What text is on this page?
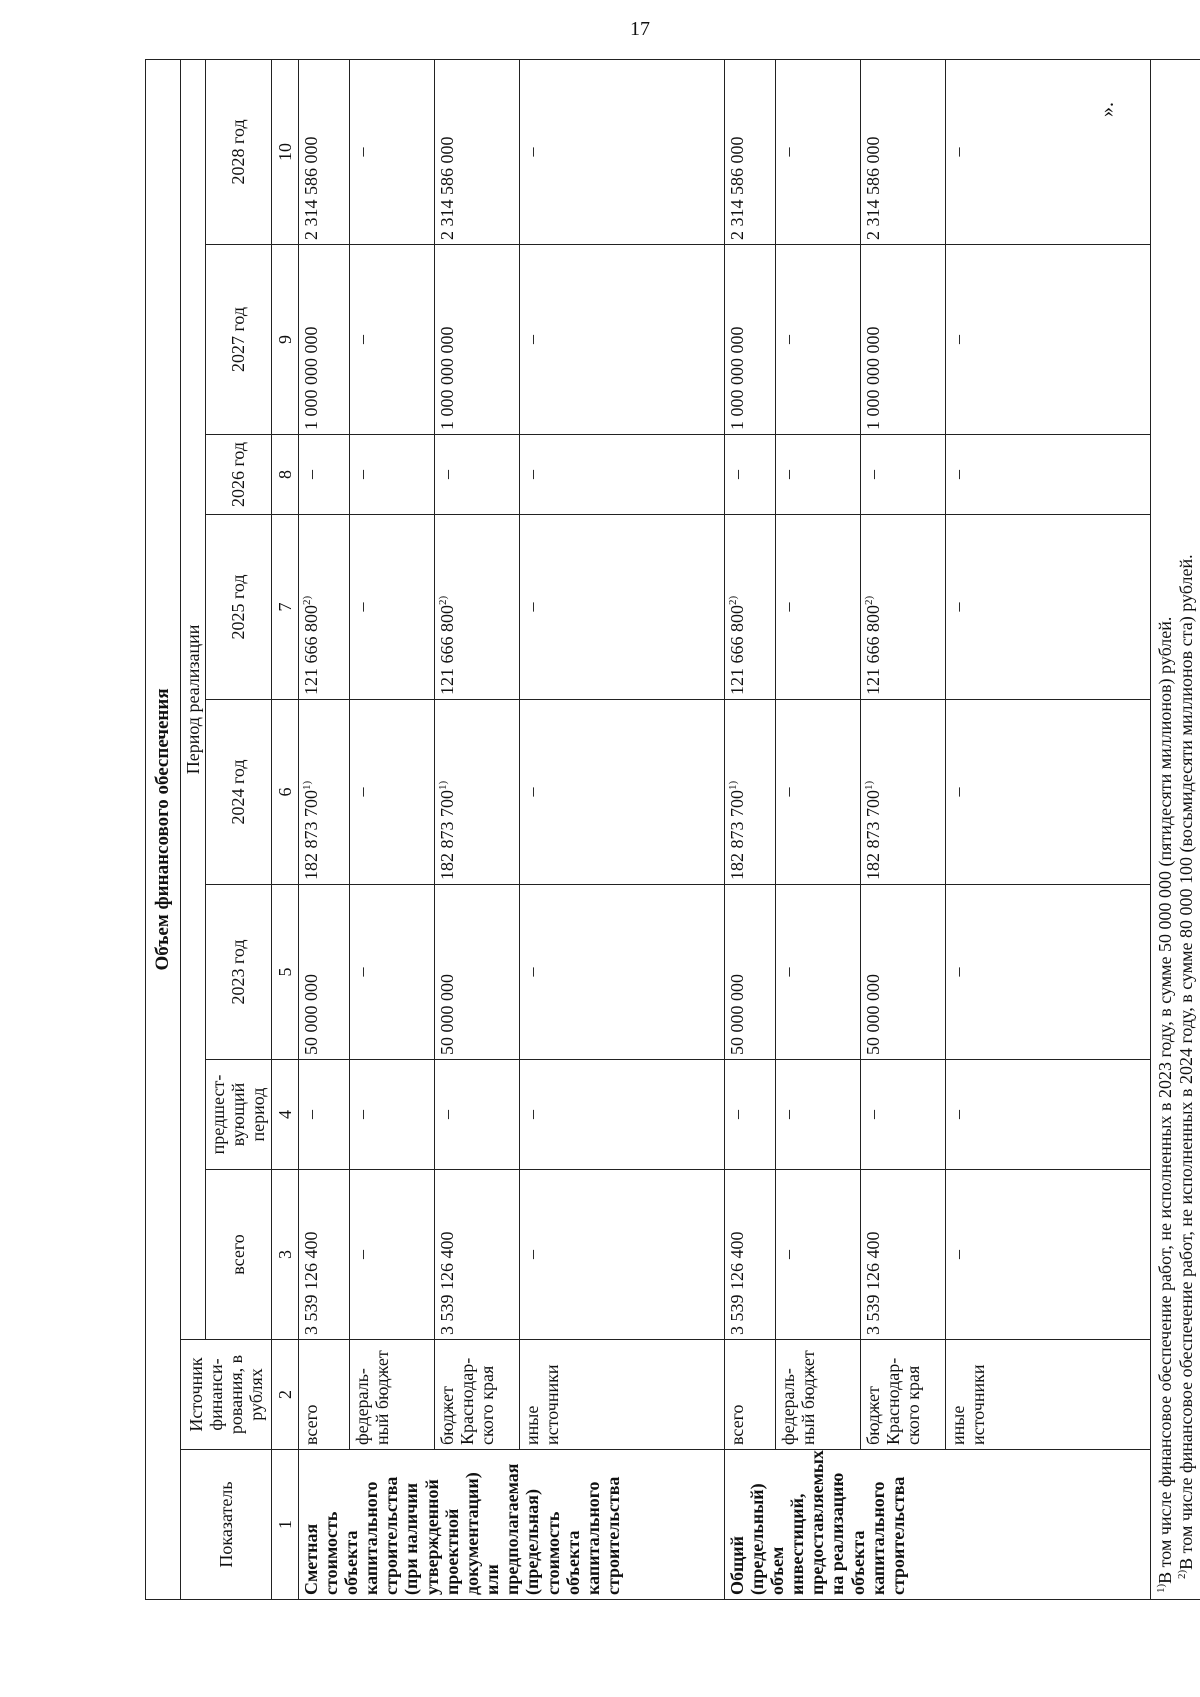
17
Объем финансового обеспечения									
Показатель	Источник финанси-рования, в рублях	Период реализации							
		всего	предшест-вующий период	2023 год	2024 год	2025 год	2026 год	2027 год	2028 год
1	2	3	4	5	6	7	8	9	10
Сметная стоимость объекта капитального строительства (при наличии утвержденной проектной документации) или предполагаемая (предельная) стоимость объекта капитального строительства	всего	3 539 126 400	–	50 000 000	182 873 700$^{1)}$	121 666 800$^{2)}$	–	1 000 000 000	2 314 586 000
	федераль-ный бюджет	–	–	–	–	–	–	–	–
	бюджет Краснодар-ского края	3 539 126 400	–	50 000 000	182 873 700$^{1)}$	121 666 800$^{2)}$	–	1 000 000 000	2 314 586 000
	иные источники	–	–	–	–	–	–	–	–
Общий (предельный) объем инвестиций, предоставляемых на реализацию объекта капитального строительства	всего	3 539 126 400	–	50 000 000	182 873 700$^{1)}$	121 666 800$^{2)}$	–	1 000 000 000	2 314 586 000
	федераль-ный бюджет	–	–	–	–	–	–	–	–
	бюджет Краснодар-ского края	3 539 126 400	–	50 000 000	182 873 700$^{1)}$	121 666 800$^{2)}$	–	1 000 000 000	2 314 586 000
	иные источники	–	–	–	–	–	–	–	–

$^{1)}$В том числе финансовое обеспечение работ, не исполненных в 2023 году, в сумме 50 000 000 (пятидесяти миллионов) рублей. $^{2)}$В том числе финансовое обеспечение работ, не исполненных в 2024 году, в сумме 80 000 100 (восьмидесяти миллионов ста) рублей.									
».
